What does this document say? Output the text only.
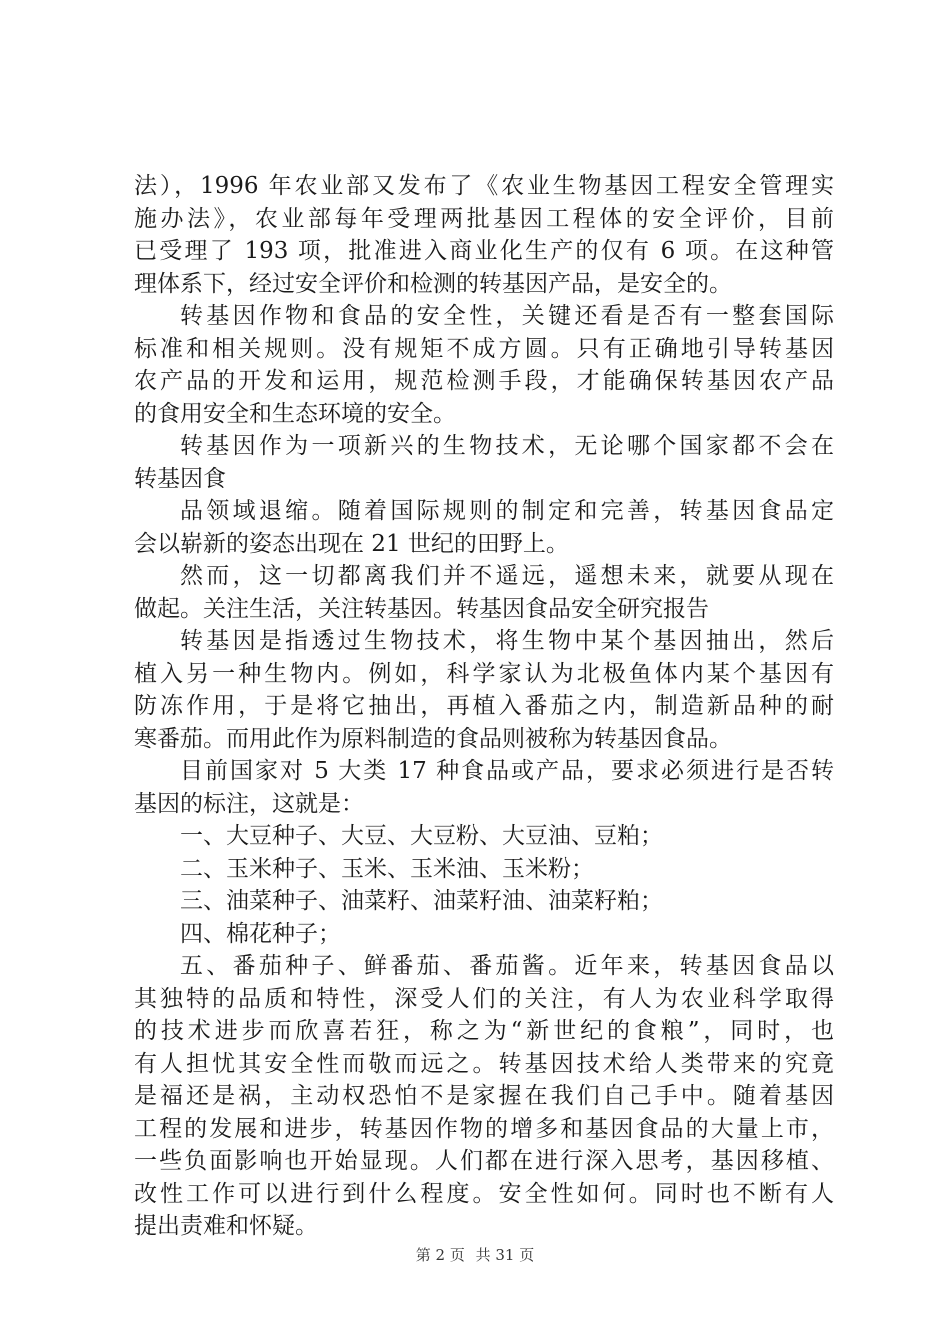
法），1996 年农业部又发布了《农业生物基因工程安全管理实
施办法》，农业部每年受理两批基因工程体的安全评价，目前
已受理了 193 项，批准进入商业化生产的仅有 6 项。在这种管
理体系下，经过安全评价和检测的转基因产品，是安全的。
转基因作物和食品的安全性，关键还看是否有一整套国际
标准和相关规则。没有规矩不成方圆。只有正确地引导转基因
农产品的开发和运用，规范检测手段，才能确保转基因农产品
的食用安全和生态环境的安全。
转基因作为一项新兴的生物技术，无论哪个国家都不会在
转基因食
品领域退缩。随着国际规则的制定和完善，转基因食品定
会以崭新的姿态出现在 21 世纪的田野上。
然而，这一切都离我们并不遥远，遥想未来，就要从现在
做起。关注生活，关注转基因。转基因食品安全研究报告
转基因是指透过生物技术，将生物中某个基因抽出，然后
植入另一种生物内。例如，科学家认为北极鱼体内某个基因有
防冻作用，于是将它抽出，再植入番茄之内，制造新品种的耐
寒番茄。而用此作为原料制造的食品则被称为转基因食品。
目前国家对 5 大类 17 种食品或产品，要求必须进行是否转
基因的标注，这就是：
一、大豆种子、大豆、大豆粉、大豆油、豆粕；
二、玉米种子、玉米、玉米油、玉米粉；
三、油菜种子、油菜籽、油菜籽油、油菜籽粕；
四、棉花种子；
五、番茄种子、鲜番茄、番茄酱。近年来，转基因食品以
其独特的品质和特性，深受人们的关注，有人为农业科学取得
的技术进步而欣喜若狂，称之为“新世纪的食粮”，同时，也
有人担忧其安全性而敬而远之。转基因技术给人类带来的究竟
是福还是祸，主动权恐怕不是家握在我们自己手中。随着基因
工程的发展和进步，转基因作物的增多和基因食品的大量上市，
一些负面影响也开始显现。人们都在进行深入思考，基因移植、
改性工作可以进行到什么程度。安全性如何。同时也不断有人
提出责难和怀疑。
第 2 页 共 31 页
